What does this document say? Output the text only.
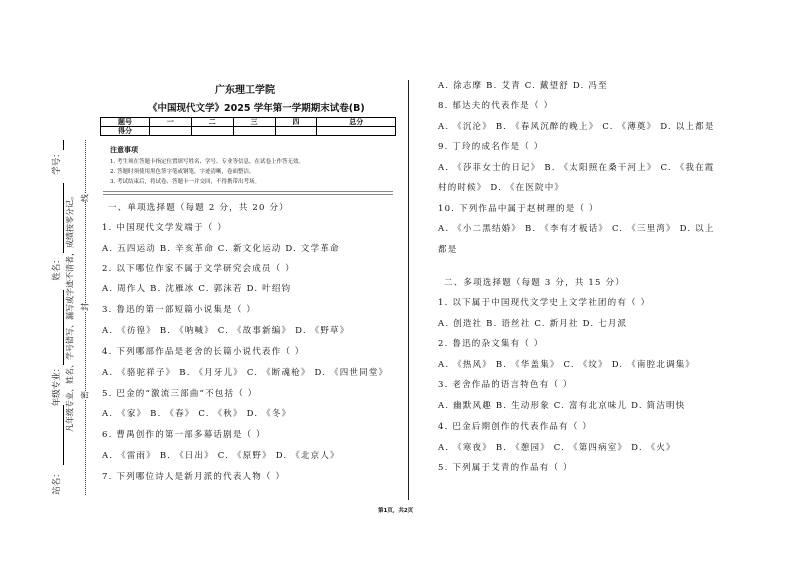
线
封
密
凡年级专业、姓名、学号错写、漏写或字迹不清者，成绩按零分记。
学号：
姓名：
年级专业：
站名：
广东理工学院
《中国现代文学》2025 学年第一学期期末试卷(B)
题号	一	二	三	四	总分
得分					
注意事项
1. 考生须在答题卡指定位置填写姓名、学号、专业等信息，在试卷上作答无效。
2. 答题时须使用黑色签字笔或钢笔，字迹清晰，卷面整洁。
3. 考试结束后，将试卷、答题卡一并交回，不得携带出考场。
一、单项选择题（每题 2 分，共 20 分）
1. 中国现代文学发端于（ ）
A. 五四运动 B. 辛亥革命 C. 新文化运动 D. 文学革命
2. 以下哪位作家不属于文学研究会成员（ ）
A. 周作人 B. 沈雁冰 C. 郭沫若 D. 叶绍钧
3. 鲁迅的第一部短篇小说集是（ ）
A. 《彷徨》 B. 《呐喊》 C. 《故事新编》 D. 《野草》
4. 下列哪部作品是老舍的长篇小说代表作（ ）
A. 《骆驼祥子》 B. 《月牙儿》 C. 《断魂枪》 D. 《四世同堂》
5. 巴金的“激流三部曲”不包括（ ）
A. 《家》 B. 《春》 C. 《秋》 D. 《冬》
6. 曹禺创作的第一部多幕话剧是（ ）
A. 《雷雨》 B. 《日出》 C. 《原野》 D. 《北京人》
7. 下列哪位诗人是新月派的代表人物（ ）
A. 徐志摩 B. 艾青 C. 戴望舒 D. 冯至
8. 郁达夫的代表作是（ ）
A. 《沉沦》 B. 《春风沉醉的晚上》 C. 《薄奠》 D. 以上都是
9. 丁玲的成名作是（ ）
A. 《莎菲女士的日记》 B. 《太阳照在桑干河上》 C. 《我在霞
村的时候》 D. 《在医院中》
10. 下列作品中属于赵树理的是（ ）
A. 《小二黑结婚》 B. 《李有才板话》 C. 《三里湾》 D. 以上
都是
二、多项选择题（每题 3 分，共 15 分）
1. 以下属于中国现代文学史上文学社团的有（ ）
A. 创造社 B. 语丝社 C. 新月社 D. 七月派
2. 鲁迅的杂文集有（ ）
A. 《热风》 B. 《华盖集》 C. 《坟》 D. 《南腔北调集》
3. 老舍作品的语言特色有（ ）
A. 幽默风趣 B. 生动形象 C. 富有北京味儿 D. 简洁明快
4. 巴金后期创作的代表作品有（ ）
A. 《寒夜》 B. 《憩园》 C. 《第四病室》 D. 《火》
5. 下列属于艾青的作品有（ ）
第1页，共2页
